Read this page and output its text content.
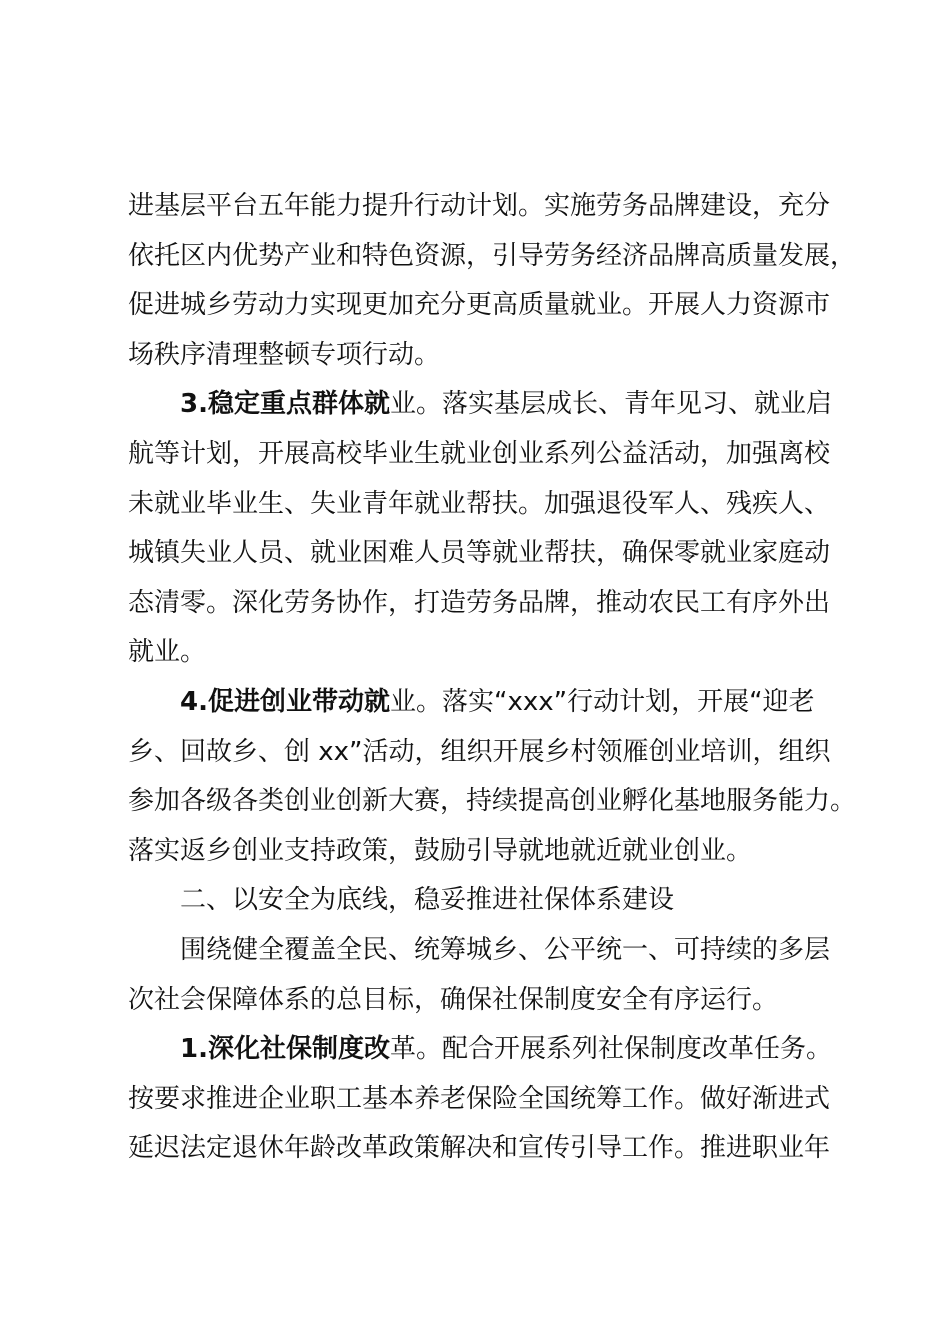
进基层平台五年能力提升行动计划。实施劳务品牌建设，充分
依托区内优势产业和特色资源，引导劳务经济品牌高质量发展，
促进城乡劳动力实现更加充分更高质量就业。开展人力资源市
场秩序清理整顿专项行动。
3.稳定重点群体就业。落实基层成长、青年见习、就业启
航等计划，开展高校毕业生就业创业系列公益活动，加强离校
未就业毕业生、失业青年就业帮扶。加强退役军人、残疾人、
城镇失业人员、就业困难人员等就业帮扶，确保零就业家庭动
态清零。深化劳务协作，打造劳务品牌，推动农民工有序外出
就业。
4.促进创业带动就业。落实“xxx”行动计划，开展“迎老
乡、回故乡、创 xx”活动，组织开展乡村领雁创业培训，组织
参加各级各类创业创新大赛，持续提高创业孵化基地服务能力。
落实返乡创业支持政策，鼓励引导就地就近就业创业。
二、以安全为底线，稳妥推进社保体系建设
围绕健全覆盖全民、统筹城乡、公平统一、可持续的多层
次社会保障体系的总目标，确保社保制度安全有序运行。
1.深化社保制度改革。配合开展系列社保制度改革任务。
按要求推进企业职工基本养老保险全国统筹工作。做好渐进式
延迟法定退休年龄改革政策解决和宣传引导工作。推进职业年
